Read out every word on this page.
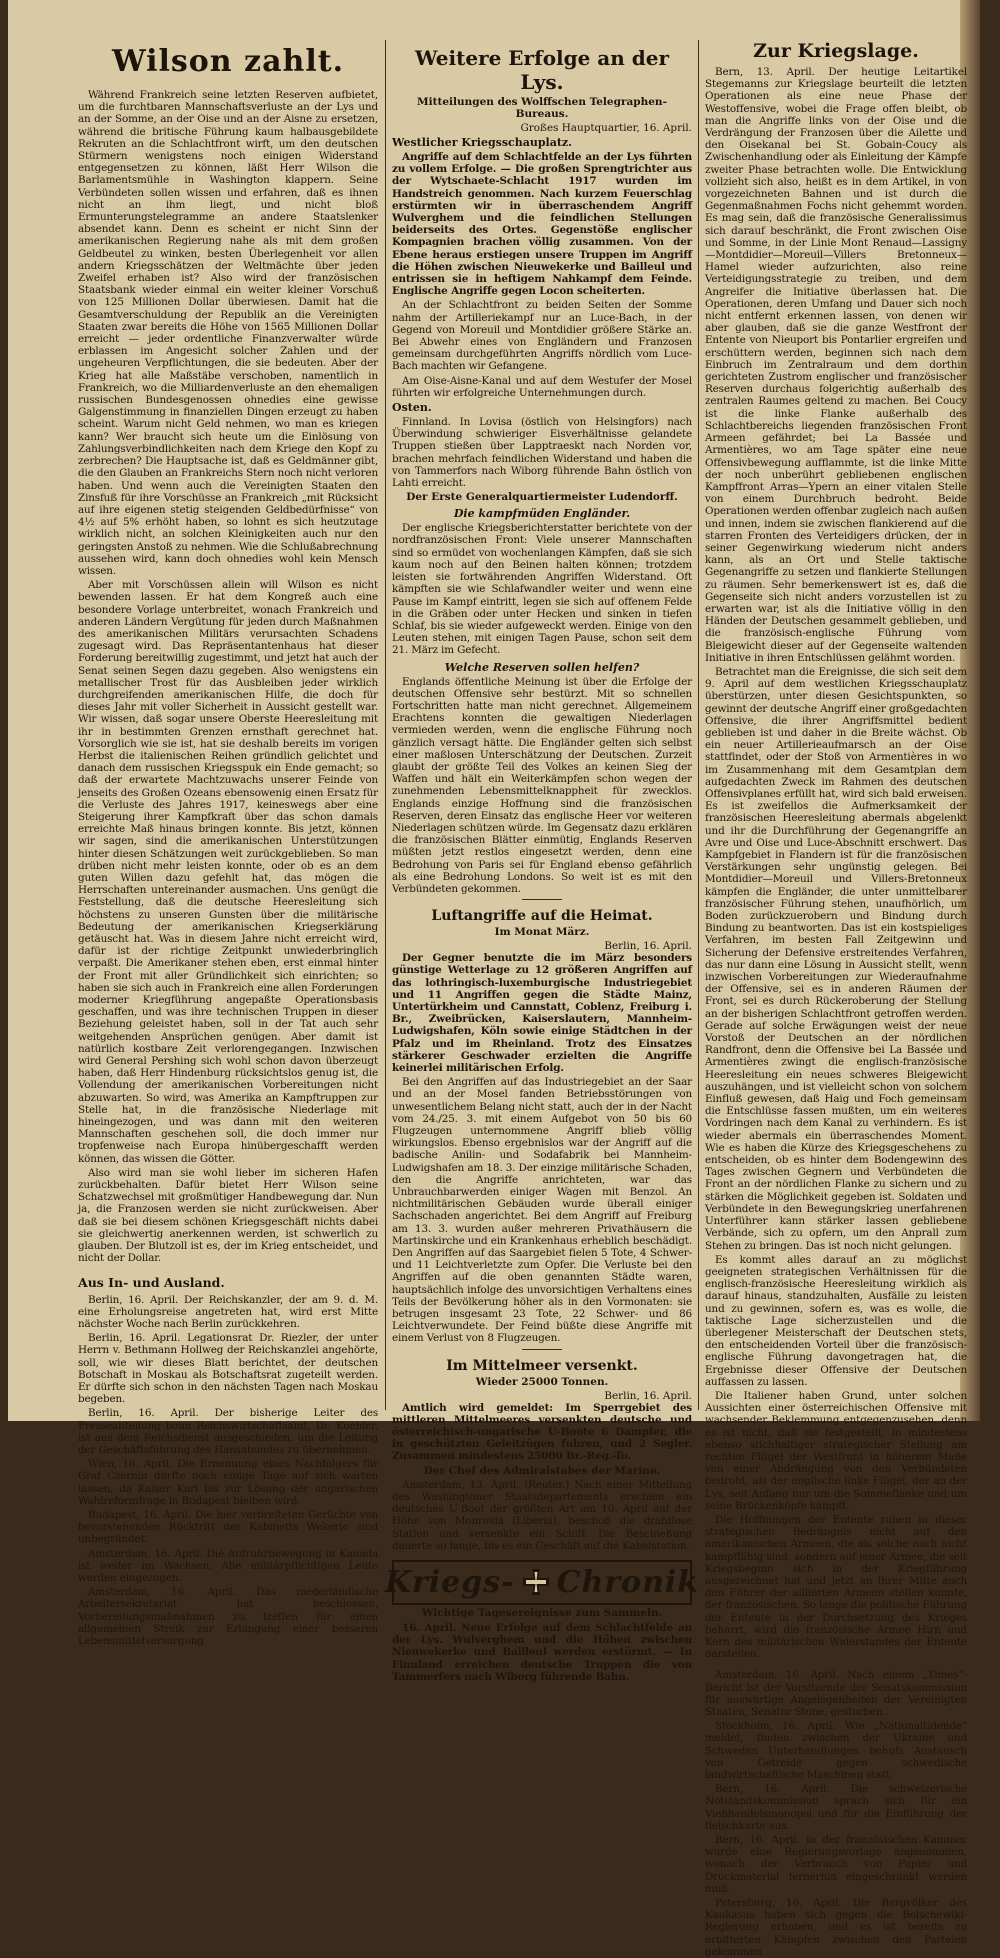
Wilson zahlt.

Während Frankreich seine letzten Reserven aufbietet, um die furchtbaren Mannschaftsverluste an der Lys und an der Somme, an der Oise und an der Aisne zu ersetzen, während die britische Führung kaum halbausgebildete Rekruten an die Schlachtfront wirft, um den deutschen Stürmern wenigstens noch einigen Widerstand entgegensetzen zu können, läßt Herr Wilson die Barlamentsmühle in Washington klappern. Seine Verbündeten sollen wissen und erfahren, daß es ihnen nicht an ihm liegt, und nicht bloß Ermunterungstelegramme an andere Staatslenker absendet kann. Denn es scheint er nicht Sinn der amerikanischen Regierung nahe als mit dem großen Geldbeutel zu winken, besten Überlegenheit vor allen andern Kriegsschätzen der Weltmächte über jeden Zweifel erhaben ist? Also wird der französischen Staatsbank wieder einmal ein weiter kleiner Vorschuß von 125 Millionen Dollar überwiesen. Damit hat die Gesamtverschuldung der Republik an die Vereinigten Staaten zwar bereits die Höhe von 1565 Millionen Dollar erreicht — jeder ordentliche Finanzverwalter würde erblassen im Angesicht solcher Zahlen und der ungeheuren Verpflichtungen, die sie bedeuten. Aber der Krieg hat alle Maßstäbe verschoben, namentlich in Frankreich, wo die Milliardenverluste an den ehemaligen russischen Bundesgenossen ohnedies eine gewisse Galgenstimmung in finanziellen Dingen erzeugt zu haben scheint. Warum nicht Geld nehmen, wo man es kriegen kann? Wer braucht sich heute um die Einlösung von Zahlungsverbindlichkeiten nach dem Kriege den Kopf zu zerbrechen? Die Hauptsache ist, daß es Geldmänner gibt, die den Glauben an Frankreichs Stern noch nicht verloren haben. Und wenn auch die Vereinigten Staaten den Zinsfuß für ihre Vorschüsse an Frankreich „mit Rücksicht auf ihre eigenen stetig steigenden Geldbedürfnisse“ von 4½ auf 5% erhöht haben, so lohnt es sich heutzutage wirklich nicht, an solchen Kleinigkeiten auch nur den geringsten Anstoß zu nehmen. Wie die Schlußabrechnung aussehen wird, kann doch ohnedies wohl kein Mensch wissen.

Aber mit Vorschüssen allein will Wilson es nicht bewenden lassen. Er hat dem Kongreß auch eine besondere Vorlage unterbreitet, wonach Frankreich und anderen Ländern Vergütung für jeden durch Maßnahmen des amerikanischen Militärs verursachten Schadens zugesagt wird. Das Repräsentantenhaus hat dieser Forderung bereitwillig zugestimmt, und jetzt hat auch der Senat seinen Segen dazu gegeben. Also wenigstens ein metallischer Trost für das Ausbleiben jeder wirklich durchgreifenden amerikanischen Hilfe, die doch für dieses Jahr mit voller Sicherheit in Aussicht gestellt war. Wir wissen, daß sogar unsere Oberste Heeresleitung mit ihr in bestimmten Grenzen ernsthaft gerechnet hat. Vorsorglich wie sie ist, hat sie deshalb bereits im vorigen Herbst die italienischen Reihen gründlich gelichtet und danach dem russischen Kriegsspuk ein Ende gemacht; so daß der erwartete Machtzuwachs unserer Feinde von jenseits des Großen Ozeans ebensowenig einen Ersatz für die Verluste des Jahres 1917, keineswegs aber eine Steigerung ihrer Kampfkraft über das schon damals erreichte Maß hinaus bringen konnte. Bis jetzt, können wir sagen, sind die amerikanischen Unterstützungen hinter diesen Schätzungen weit zurückgeblieben. So man drüben nicht mehr leisten konnte, oder ob es an dem guten Willen dazu gefehlt hat, das mögen die Herrschaften untereinander ausmachen. Uns genügt die Feststellung, daß die deutsche Heeresleitung sich höchstens zu unseren Gunsten über die militärische Bedeutung der amerikanischen Kriegserklärung getäuscht hat. Was in diesem Jahre nicht erreicht wird, dafür ist der richtige Zeitpunkt unwiederbringlich verpaßt. Die Amerikaner stehen eben, erst einmal hinter der Front mit aller Gründlichkeit sich einrichten; so haben sie sich auch in Frankreich eine allen Forderungen moderner Kriegführung angepaßte Operationsbasis geschaffen, und was ihre technischen Truppen in dieser Beziehung geleistet haben, soll in der Tat auch sehr weitgehenden Ansprüchen genügen. Aber damit ist natürlich kostbare Zeit verlorengegangen. Inzwischen wird General Pershing sich wohl schon davon überzeugt haben, daß Herr Hindenburg rücksichtslos genug ist, die Vollendung der amerikanischen Vorbereitungen nicht abzuwarten. So wird, was Amerika an Kampftruppen zur Stelle hat, in die französische Niederlage mit hineingezogen, und was dann mit den weiteren Mannschaften geschehen soll, die doch immer nur tropfenweise nach Europa hinübergeschafft werden können, das wissen die Götter.

Also wird man sie wohl lieber im sicheren Hafen zurückbehalten. Dafür bietet Herr Wilson seine Schatzwechsel mit großmütiger Handbewegung dar. Nun ja, die Franzosen werden sie nicht zurückweisen. Aber daß sie bei diesem schönen Kriegsgeschäft nichts dabei sie gleichwertig anerkennen werden, ist schwerlich zu glauben. Der Blutzoll ist es, der im Krieg entscheidet, und nicht der Dollar.

Aus In- und Ausland.

Berlin, 16. April. Der Reichskanzler, der am 9. d. M. eine Erholungsreise angetreten hat, wird erst Mitte nächster Woche nach Berlin zurückkehren.

Berlin, 16. April. Legationsrat Dr. Riezler, der unter Herrn v. Bethmann Hollweg der Reichskanzlei angehörte, soll, wie wir dieses Blatt berichtet, der deutschen Botschaft in Moskau als Botschaftsrat zugeteilt werden. Er dürfte sich schon in den nächsten Tagen nach Moskau begeben.

Berlin, 16. April. Der bisherige Leiter des Presseabteilung beim Reichswirtschaftsamt, Dr. Koehler, ist aus dem Reichsdienst ausgeschieden, um die Leitung der Geschäftsführung des Hansabundes zu übernehmen.

Wien, 16. April. Die Ernennung eines Nachfolgers für Graf Czernin dürfte noch einige Tage auf sich warten lassen, da Kaiser Karl bis zur Lösung der ungarischen Wahlreformfrage in Budapest bleiben wird.

Budapest, 16. April. Die hier verbreiteten Gerüchte von bevorstehenden Rücktritt des Kabinetts Wekerle sind unbegründet.

Amsterdam, 16. April. Die Aufruhrbewegung in Kanada ist weiter im Wachsen. Alle militärpflichtigen Leute werden eingezogen.

Amsterdam, 16. April. Das niederländische Arbeitersekretariat hat beschlossen, Vorbereitungsmaßnahmen zu treffen für einen allgemeinen Streik zur Erlangung einer besseren Lebensmittelversorgung.

Weitere Erfolge an der Lys.
Mitteilungen des Wolffschen Telegraphen-Bureaus.
Großes Hauptquartier, 16. April.
Westlicher Kriegsschauplatz.

Angriffe auf dem Schlachtfelde an der Lys führten zu vollem Erfolge. — Die großen Sprengtrichter aus der Wytschaete-Schlacht 1917 wurden im Handstreich genommen. Nach kurzem Feuerschlag erstürmten wir in überraschendem Angriff Wulverghem und die feindlichen Stellungen beiderseits des Ortes. Gegenstöße englischer Kompagnien brachen völlig zusammen. Von der Ebene heraus erstiegen unsere Truppen im Angriff die Höhen zwischen Nieuwekerke und Bailleul und entrissen sie in heftigem Nahkampf dem Feinde. Englische Angriffe gegen Locon scheiterten.

An der Schlachtfront zu beiden Seiten der Somme nahm der Artilleriekampf nur an Luce-Bach, in der Gegend von Moreuil und Montdidier größere Stärke an. Bei Abwehr eines von Engländern und Franzosen gemeinsam durchgeführten Angriffs nördlich vom Luce-Bach machten wir Gefangene.

Am Oise-Aisne-Kanal und auf dem Westufer der Mosel führten wir erfolgreiche Unternehmungen durch.

Osten.

Finnland. In Lovisa (östlich von Helsingfors) nach Überwindung schwieriger Eisverhältnisse gelandete Truppen stießen über Lapptraeskt nach Norden vor, brachen mehrfach feindlichen Widerstand und haben die von Tammerfors nach Wiborg führende Bahn östlich von Lahti erreicht.

Der Erste Generalquartiermeister Ludendorff.
Die kampfmüden Engländer.

Der englische Kriegsberichterstatter berichtete von der nordfranzösischen Front: Viele unserer Mannschaften sind so ermüdet von wochenlangen Kämpfen, daß sie sich kaum noch auf den Beinen halten können; trotzdem leisten sie fortwährenden Angriffen Widerstand. Oft kämpften sie wie Schlafwandler weiter und wenn eine Pause im Kampf eintritt, legen sie sich auf offenem Felde in die Gräben oder unter Hecken und sinken in tiefen Schlaf, bis sie wieder aufgeweckt werden. Einige von den Leuten stehen, mit einigen Tagen Pause, schon seit dem 21. März im Gefecht.

Welche Reserven sollen helfen?

Englands öffentliche Meinung ist über die Erfolge der deutschen Offensive sehr bestürzt. Mit so schnellen Fortschritten hatte man nicht gerechnet. Allgemeinem Erachtens konnten die gewaltigen Niederlagen vermieden werden, wenn die englische Führung noch gänzlich versagt hätte. Die Engländer gelten sich selbst einer maßlosen Unterschätzung der Deutschen. Zurzeit glaubt der größte Teil des Volkes an keinen Sieg der Waffen und hält ein Weiterkämpfen schon wegen der zunehmenden Lebensmittelknappheit für zwecklos. Englands einzige Hoffnung sind die französischen Reserven, deren Einsatz das englische Heer vor weiteren Niederlagen schützen würde. Im Gegensatz dazu erklären die französischen Blätter einmütig, Englands Reserven müßten jetzt restlos eingesetzt werden, denn eine Bedrohung von Paris sei für England ebenso gefährlich als eine Bedrohung Londons. So weit ist es mit den Verbündeten gekommen.

Luftangriffe auf die Heimat.
Im Monat März.
Berlin, 16. April.

Der Gegner benutzte die im März besonders günstige Wetterlage zu 12 größeren Angriffen auf das lothringisch-luxemburgische Industriegebiet und 11 Angriffen gegen die Städte Mainz, Untertürkheim und Cannstatt, Coblenz, Freiburg i. Br., Zweibrücken, Kaiserslautern, Mannheim-Ludwigshafen, Köln sowie einige Städtchen in der Pfalz und im Rheinland. Trotz des Einsatzes stärkerer Geschwader erzielten die Angriffe keinerlei militärischen Erfolg.

Bei den Angriffen auf das Industriegebiet an der Saar und an der Mosel fanden Betriebsstörungen von unwesentlichem Belang nicht statt, auch der in der Nacht vom 24./25. 3. mit einem Aufgebot von 50 bis 60 Flugzeugen unternommene Angriff blieb völlig wirkungslos. Ebenso ergebnislos war der Angriff auf die badische Anilin- und Sodafabrik bei Mannheim-Ludwigshafen am 18. 3. Der einzige militärische Schaden, den die Angriffe anrichteten, war das Unbrauchbarwerden einiger Wagen mit Benzol. An nichtmilitärischen Gebäuden wurde überall einiger Sachschaden angerichtet. Bei dem Angriff auf Freiburg am 13. 3. wurden außer mehreren Privathäusern die Martinskirche und ein Krankenhaus erheblich beschädigt. Den Angriffen auf das Saargebiet fielen 5 Tote, 4 Schwer- und 11 Leichtverletzte zum Opfer. Die Verluste bei den Angriffen auf die oben genannten Städte waren, hauptsächlich infolge des unvorsichtigen Verhaltens eines Teils der Bevölkerung höher als in den Vormonaten: sie betrugen insgesamt 23 Tote, 22 Schwer- und 86 Leichtverwundete. Der Feind büßte diese Angriffe mit einem Verlust von 8 Flugzeugen.

Im Mittelmeer versenkt.
Wieder 25000 Tonnen.
Berlin, 16. April.

Amtlich wird gemeldet: Im Sperrgebiet des mittleren Mittelmeeres versenkten deutsche und österreichisch-ungarische U-Boote 6 Dampfer, die in geschützten Geleitzügen fuhren, und 2 Segler. Zusammen mindestens 25000 Br.-Reg.-To.

Der Chef des Admiralstabes der Marine.

Amsterdam, 13. April. (Reuter.) Nach einer Mitteilung des Washingtoner Staatsdepartements erschien ein deutsches U-Boot der größten Art am 10. April auf der Höhe von Monrovia (Liberia), beschoß die drahtlose Station und versenkte ein Schiff. Die Beschießung dauerte so lange, bis es ein Geschäft auf die Kabelstation.

Kriegs- Chronik
Wichtige Tagesereignisse zum Sammeln.

16. April. Neue Erfolge auf dem Schlachtfelde an der Lys. Wulverghem und die Höhen zwischen Nieuwekerke und Bailleul werden erstürmt. — In Finnland erreichen deutsche Truppen die von Tammerfors nach Wiborg führende Bahn.

Zur Kriegslage.

Bern, 13. April. Der heutige Leitartikel Stegemanns zur Kriegslage beurteilt die letzten Operationen als eine neue Phase der Westoffensive, wobei die Frage offen bleibt, ob man die Angriffe links von der Oise und die Verdrängung der Franzosen über die Ailette und den Oisekanal bei St. Gobain-Coucy als Zwischenhandlung oder als Einleitung der Kämpfe zweiter Phase betrachten wolle. Die Entwicklung vollzieht sich also, heißt es in dem Artikel, in von vorgezeichneten Bahnen und ist durch die Gegenmaßnahmen Fochs nicht gehemmt worden. Es mag sein, daß die französische Generalissimus sich darauf beschränkt, die Front zwischen Oise und Somme, in der Linie Mont Renaud—Lassigny—Montdidier—Moreuil—Villers Bretonneux—Hamel wieder aufzurichten, also reine Verteidigungsstrategie zu treiben, und dem Angreifer die Initiative überlassen hat. Die Operationen, deren Umfang und Dauer sich noch nicht entfernt erkennen lassen, von denen wir aber glauben, daß sie die ganze Westfront der Entente von Nieuport bis Pontarlier ergreifen und erschüttern werden, beginnen sich nach dem Einbruch im Zentralraum und dem dorthin gerichteten Zustrom englischer und französischer Reserven durchaus folgerichtig außerhalb des zentralen Raumes geltend zu machen. Bei Coucy ist die linke Flanke außerhalb des Schlachtbereichs liegenden französischen Front Armeen gefährdet; bei La Bassée und Armentières, wo am Tage später eine neue Offensivbewegung aufflammte, ist die linke Mitte der noch unberührt gebliebenen englischen Kampffront Arras—Ypern an einer vitalen Stelle von einem Durchbruch bedroht. Beide Operationen werden offenbar zugleich nach außen und innen, indem sie zwischen flankierend auf die starren Fronten des Verteidigers drücken, der in seiner Gegenwirkung wiederum nicht anders kann, als an Ort und Stelle taktische Gegenangriffe zu setzen und flankierte Stellungen zu räumen. Sehr bemerkenswert ist es, daß die Gegenseite sich nicht anders vorzustellen ist zu erwarten war, ist als die Initiative völlig in den Händen der Deutschen gesammelt geblieben, und die französisch-englische Führung vom Bleigewicht dieser auf der Gegenseite waltenden Initiative in ihren Entschlüssen gelähmt worden.

Betrachtet man die Ereignisse, die sich seit dem 9. April auf dem westlichen Kriegsschauplatz überstürzen, unter diesen Gesichtspunkten, so gewinnt der deutsche Angriff einer großgedachten Offensive, die ihrer Angriffsmittel bedient geblieben ist und daher in die Breite wächst. Ob ein neuer Artillerieaufmarsch an der Oise stattfindet, oder der Stoß von Armentières in wo im Zusammenhang mit dem Gesamtplan dem aufgedachten Zweck im Rahmen des deutschen Offensivplanes erfüllt hat, wird sich bald erweisen. Es ist zweifellos die Aufmerksamkeit der französischen Heeresleitung abermals abgelenkt und ihr die Durchführung der Gegenangriffe an Avre und Oise und Luce-Abschnitt erschwert. Das Kampfgebiet in Flandern ist für die französischen Verstärkungen sehr ungünstig gelegen. Bei Montdidier—Moreuil und Villers-Bretonneux kämpfen die Engländer, die unter unmittelbarer französischer Führung stehen, unaufhörlich, um Boden zurückzuerobern und Bindung durch Bindung zu beantworten. Das ist ein kostspieliges Verfahren, im besten Fall Zeitgewinn und Sicherung der Defensive erstreitendes Verfahren, das nur dann eine Lösung in Aussicht stellt, wenn inzwischen Vorbereitungen zur Wiederaufnahme der Offensive, sei es in anderen Räumen der Front, sei es durch Rückeroberung der Stellung an der bisherigen Schlachtfront getroffen werden. Gerade auf solche Erwägungen weist der neue Vorstoß der Deutschen an der nördlichen Randfront, denn die Offensive bei La Bassée und Armentières zwingt die englisch-französische Heeresleitung ein neues schweres Bleigewicht auszuhängen, und ist vielleicht schon von solchem Einfluß gewesen, daß Haig und Foch gemeinsam die Entschlüsse fassen mußten, um ein weiteres Vordringen nach dem Kanal zu verhindern. Es ist wieder abermals ein überraschendes Moment. Wie es haben die Kürze des Kriegsgeschehens zu entscheiden, ob es hinter dem Bodengewinn des Tages zwischen Gegnern und Verbündeten die Front an der nördlichen Flanke zu sichern und zu stärken die Möglichkeit gegeben ist. Soldaten und Verbündete in den Bewegungskrieg unerfahrenen Unterführer kann stärker lassen gebliebene Verbände, sich zu opfern, um den Anprall zum Stehen zu bringen. Das ist noch nicht gelungen.

Es kommt alles darauf an zu möglichst geeigneten strategischen Verhältnissen für die englisch-französische Heeresleitung wirklich als darauf hinaus, standzuhalten, Ausfälle zu leisten und zu gewinnen, sofern es, was es wolle, die taktische Lage sicherzustellen und die überlegener Meisterschaft der Deutschen stets, den entscheidenden Vorteil über die französisch-englische Führung davongetragen hat, die Ergebnisse dieser Offensive der Deutschen auffassen zu lassen.

Die Italiener haben Grund, unter solchen Aussichten einer österreichischen Offensive mit wachsender Beklemmung entgegenzusehen, denn es ist nicht, daß sie festgestellt, in mindestens ebenso stichhaltiger strategischer Stellung am rechten Flügel der Westfront in höherem Maße von einer Abdrängung von den Verbündeten bedroht, als der englische linke Flügel, der an der Lys, seit Anfang nur um die Sommeflanke und um seine Brückenköpfe kämpft.

Die Hoffnungen der Entente ruhen in dieser strategischen Bedrängnis nicht auf den amerikanischen Armeen, die als solche noch nicht kampffähig sind, sondern auf jener Armee, die seit Kriegsbeginn sich in der Kriegführung ausgezeichnet hat und jetzt an ihrer Mitte auch den Führer der alliierten Armeen stellen konnte, der französischen. So lange die politische Führung der Entente in der Durchsetzung des Krieges beharrt, wird die französische Armee Hirn und Kern des militärischen Widerstandes der Entente darstellen.

Amsterdam, 16. April. Nach einem „Times“-Bericht ist der Vorsitzende der Senatskommission für auswärtige Angelegenheiten der Vereinigten Staaten, Senator Stone, gestorben.

Stockholm, 16. April. Wie „Nationaltidende“ meldet, finden zwischen der Ukraine und Schweden Unterhandlungen behufs Austausch von Getreide gegen schwedische landwirtschaftliche Maschinen statt.

Bern, 16. April. Die schweizerische Notstandskommission sprach sich für ein Viehhandelsmonopol und für die Einführung der fleischkarte aus.

Bern, 16. April. In der französischen Kammer wurde eine Regierungsvorlage angenommen, wonach der Verbrauch von Papier und Druckmaterial fernerhin eingeschränkt werden muß.

Petersburg, 16. April. Die Bergvölker des Kaukasus haben sich gegen die Bolschewiki-Regierung erhoben, und es ist bereits zu erbitterten Kämpfen zwischen den Parteien gekommen.
